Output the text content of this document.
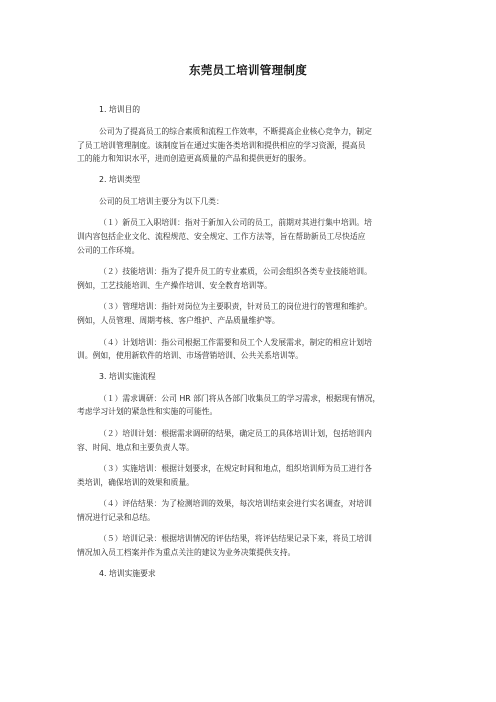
东莞员工培训管理制度
1. 培训目的
公司为了提高员工的综合素质和流程工作效率，不断提高企业核心竞争力，制定
了员工培训管理制度。该制度旨在通过实施各类培训和提供相应的学习资源，提高员
工的能力和知识水平，进而创造更高质量的产品和提供更好的服务。
2. 培训类型
公司的员工培训主要分为以下几类：
（１）新员工入职培训：指对于新加入公司的员工，前期对其进行集中培训。培
训内容包括企业文化、流程规范、安全规定、工作方法等，旨在帮助新员工尽快适应
公司的工作环境。
（２）技能培训：指为了提升员工的专业素质，公司会组织各类专业技能培训。
例如，工艺技能培训、生产操作培训、安全教育培训等。
（３）管理培训：指针对岗位为主要职责，针对员工的岗位进行的管理和维护。
例如，人员管理、周期考核、客户维护、产品质量维护等。
（４）计划培训：指公司根据工作需要和员工个人发展需求，制定的相应计划培
训。例如，使用新软件的培训、市场营销培训、公共关系培训等。
3. 培训实施流程
（１）需求调研：公司 HR 部门将从各部门收集员工的学习需求，根据现有情况，
考虑学习计划的紧急性和实施的可能性。
（２）培训计划：根据需求调研的结果，确定员工的具体培训计划，包括培训内
容、时间、地点和主要负责人等。
（３）实施培训：根据计划要求，在规定时间和地点，组织培训师为员工进行各
类培训，确保培训的效果和质量。
（４）评估结果：为了检测培训的效果，每次培训结束会进行实名调查，对培训
情况进行记录和总结。
（５）培训记录：根据培训情况的评估结果，将评估结果记录下来，将员工培训
情况加入员工档案并作为重点关注的建议为业务决策提供支持。
4. 培训实施要求
